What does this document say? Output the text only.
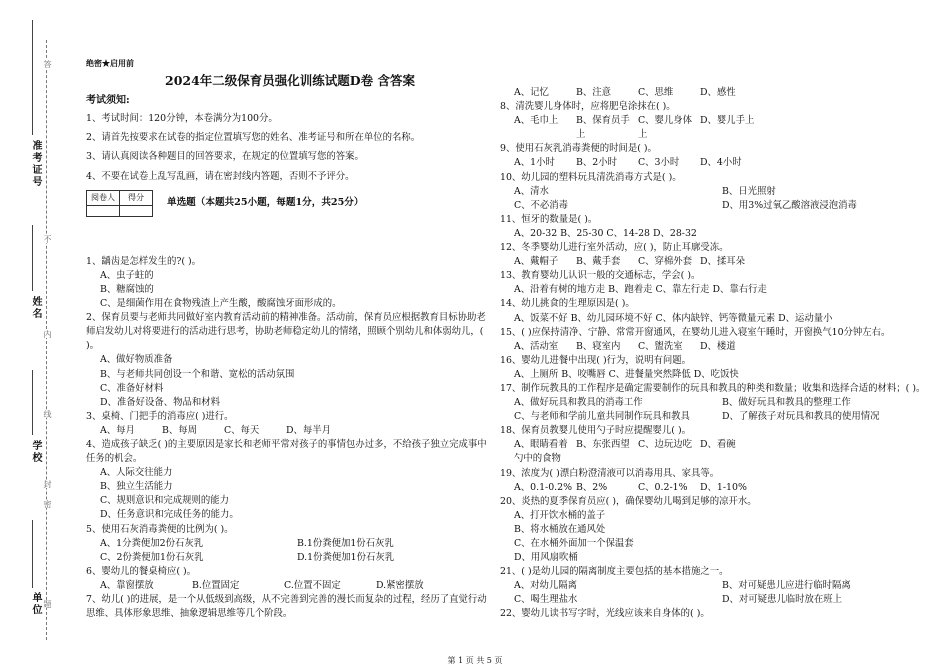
准考证号
姓名
学校
单位
密
封
线
内
不
答
题
绝密★启用前
2024年二级保育员强化训练试题D卷 含答案
考试须知:
1、考试时间：120分钟，本卷满分为100分。
2、请首先按要求在试卷的指定位置填写您的姓名、准考证号和所在单位的名称。
3、请认真阅读各种题目的回答要求，在规定的位置填写您的答案。
4、不要在试卷上乱写乱画，请在密封线内答题，否则不予评分。
阅卷人	得分
	单选题（本题共25小题，每题1分，共25分）
1、龋齿是怎样发生的?( )。
A、虫子蛀的
B、糖腐蚀的
C、是细菌作用在食物残渣上产生酸，酸腐蚀牙面形成的。
2、保育员要与老师共同做好室内教育活动前的精神准备。活动前，保育员应根据教育目标协助老师启发幼儿对将要进行的活动进行思考，协助老师稳定幼儿的情绪，照顾个别幼儿和体弱幼儿，( )。
A、做好物质准备
B、与老师共同创设一个和谐、宽松的活动氛围
C、准备好材料
D、准备好设备、物品和材料
3、桌椅、门把手的消毒应( )进行。
A、每月	B、每周	C、每天	D、每半月
4、造成孩子缺乏( )的主要原因是家长和老师平常对孩子的事情包办过多，不给孩子独立完成事中任务的机会。
A、人际交往能力
B、独立生活能力
C、规则意识和完成规则的能力
D、任务意识和完成任务的能力。
5、使用石灰消毒粪便的比例为( )。
A、1分粪便加2份石灰乳	B.1份粪便加1份石灰乳
C、2份粪便加1份石灰乳	D.1份粪便加1份石灰乳
6、婴幼儿的餐桌椅应( )。
A、靠窗摆放	B.位置固定	C.位置不固定	D.紧密摆放
7、幼儿( )的进展，是一个从低级到高级，从不完善到完善的漫长而复杂的过程，经历了直觉行动思维、具体形象思维、抽象逻辑思维等几个阶段。
A、记忆	B、注意	C、思维	D、感性
8、清洗婴儿身体时，应将肥皂涂抹在( )。
A、毛巾上	B、保育员手上
C、婴儿身体上
D、婴儿手上
9、使用石灰乳消毒粪便的时间是( )。
A、1小时	B、2小时	C、3小时	D、4小时
10、幼儿园的塑料玩具清洗消毒方式是( )。
A、清水	B、日光照射
C、不必消毒	D、用3%过氧乙酸溶液浸泡消毒
11、恒牙的数量是( )。
A、20-32 B、25-30 C、14-28 D、28-32
12、冬季婴幼儿进行室外活动，应( )，防止耳廓受冻。
A、戴帽子	B、戴手套	C、穿棉外套 D、揉耳朵
13、教育婴幼儿认识一般的交通标志，学会( )。
A、沿着有树的地方走 B、跑着走 C、靠左行走 D、靠右行走
14、幼儿挑食的生理原因是( )。
A、饭菜不好 B、幼儿园环境不好 C、体内缺锌、钙等微量元素 D、运动量小
15、( )应保持清净、宁静、常常开窗通风，在婴幼儿进入寝室午睡时，开窗换气10分钟左右。
A、活动室	B、寝室内	C、盥洗室	D、楼道
16、婴幼儿进餐中出现( )行为，说明有问题。
A、上厕所 B、咬嘴唇 C、进餐量突然降低 D、吃饭快
17、制作玩教具的工作程序是确定需要制作的玩具和教具的种类和数量；收集和选择合适的材料；( )。
A、做好玩具和教具的消毒工作	B、做好玩具和教具的整理工作
C、与老师和学前儿童共同制作玩具和教具	D、了解孩子对玩具和教具的使用情况
18、保育员教婴儿使用勺子时应提醒婴儿( )。
A、眼睛看着勺中的食物
B、东张西望 C、边玩边吃 D、看碗
19、浓度为( )漂白粉澄清液可以消毒用具、家具等。
A、0.1-0.2% B、2%	C、0.2-1%	D、1-10%
20、炎热的夏季保育员应( )，确保婴幼儿喝到足够的凉开水。
A、打开饮水桶的盖子
B、将水桶放在通风处
C、在水桶外面加一个保温套
D、用风扇吹桶
21、( )是幼儿园的隔离制度主要包括的基本措施之一。
A、对幼儿隔离	B、对可疑患儿应进行临时隔离
C、喝生理盐水	D、对可疑患儿临时放在班上
22、婴幼儿读书写字时，光线应该来自身体的( )。
第 1 页 共 5 页
